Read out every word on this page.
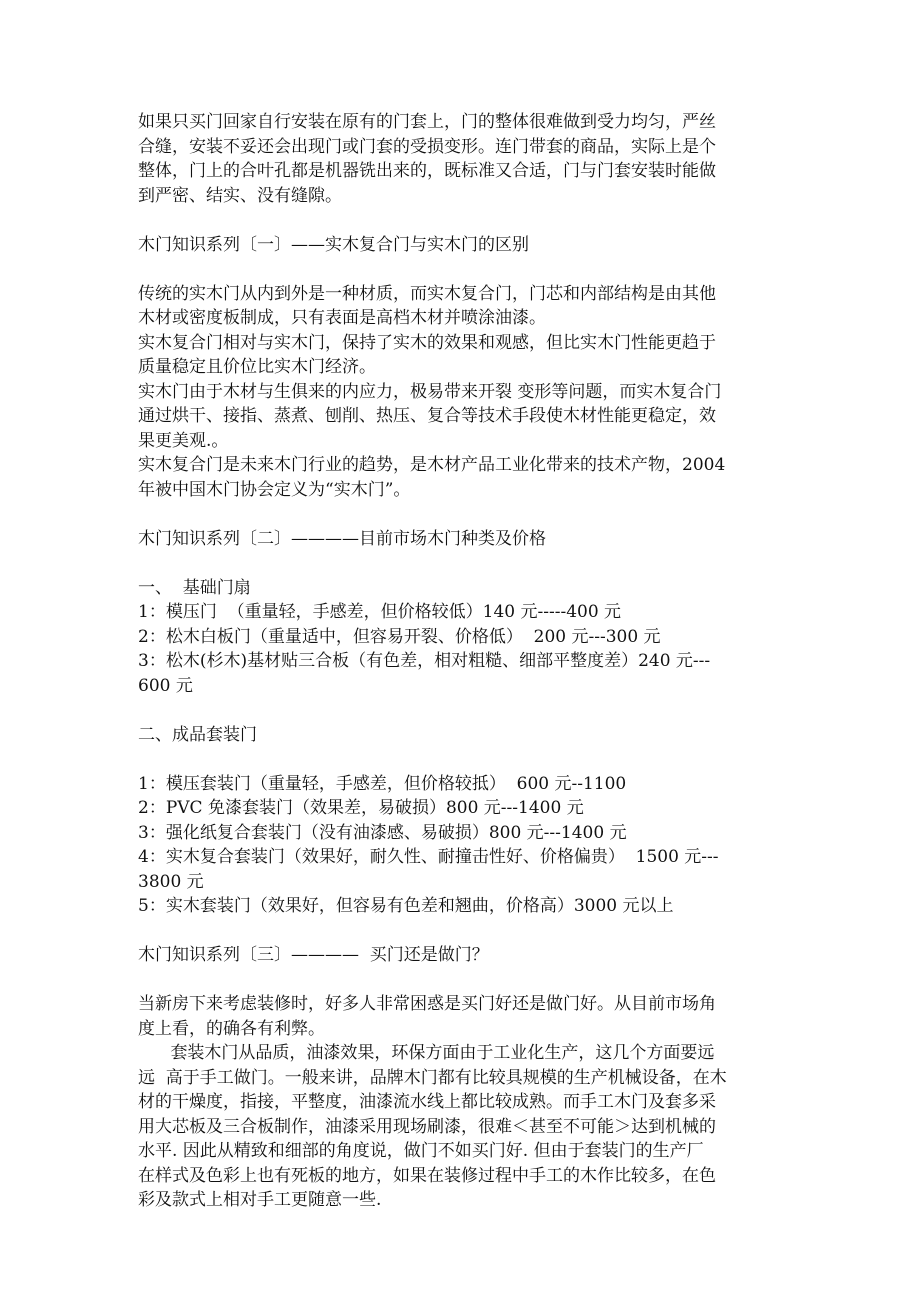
如果只买门回家自行安装在原有的门套上，门的整体很难做到受力均匀，严丝
合缝，安装不妥还会出现门或门套的受损变形。连门带套的商品，实际上是个
整体，门上的合叶孔都是机器铣出来的，既标准又合适，门与门套安装时能做
到严密、结实、没有缝隙。
木门知识系列〔一〕——实木复合门与实木门的区别
传统的实木门从内到外是一种材质，而实木复合门，门芯和内部结构是由其他
木材或密度板制成，只有表面是高档木材并喷涂油漆。
实木复合门相对与实木门，保持了实木的效果和观感，但比实木门性能更趋于
质量稳定且价位比实木门经济。
实木门由于木材与生俱来的内应力，极易带来开裂 变形等问题，而实木复合门
通过烘干、接指、蒸煮、刨削、热压、复合等技术手段使木材性能更稳定，效
果更美观.。
实木复合门是未来木门行业的趋势，是木材产品工业化带来的技术产物，2004
年被中国木门协会定义为“实木门”。
木门知识系列〔二〕————目前市场木门种类及价格
一、  基础门扇
1：模压门  （重量轻，手感差，但价格较低）140 元-----400 元
2：松木白板门（重量适中，但容易开裂、价格低）  200 元---300 元
3：松木(杉木)基材贴三合板（有色差，相对粗糙、细部平整度差）240 元---
600 元
二、成品套装门
1：模压套装门（重量轻，手感差，但价格较抵）  600 元--1100
2：PVC 免漆套装门（效果差，易破损）800 元---1400 元
3：强化纸复合套装门（没有油漆感、易破损）800 元---1400 元
4：实木复合套装门（效果好，耐久性、耐撞击性好、价格偏贵）  1500 元---
3800 元
5：实木套装门（效果好，但容易有色差和翘曲，价格高）3000 元以上
木门知识系列〔三〕————  买门还是做门？
当新房下来考虑装修时，好多人非常困惑是买门好还是做门好。从目前市场角
度上看，的确各有利弊。
套装木门从品质，油漆效果，环保方面由于工业化生产，这几个方面要远
远  高于手工做门。一般来讲，品牌木门都有比较具规模的生产机械设备，在木
材的干燥度，指接，平整度，油漆流水线上都比较成熟。而手工木门及套多采
用大芯板及三合板制作，油漆采用现场刷漆，很难＜甚至不可能＞达到机械的
水平. 因此从精致和细部的角度说，做门不如买门好. 但由于套装门的生产厂
在样式及色彩上也有死板的地方，如果在装修过程中手工的木作比较多，在色
彩及款式上相对手工更随意一些.
